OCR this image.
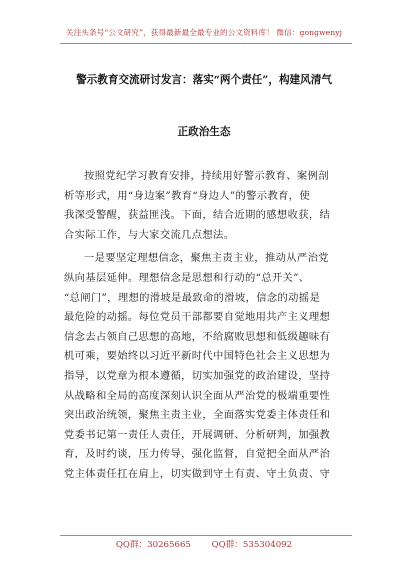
关注头条号“公文研究”，获得最新最全最专业的公文资料库！ 微信：gongwenyj
警示教育交流研讨发言：落实“两个责任”，构建风清气
正政治生态
按照党纪学习教育安排，持续用好警示教育、案例剖
析等形式，用“身边案”教育“身边人”的警示教育，使
我深受警醒，获益匪浅。下面，结合近期的感想收获，结
合实际工作，与大家交流几点想法。
一是要坚定理想信念，聚焦主责主业，推动从严治党
纵向基层延伸。理想信念是思想和行动的“总开关”、
“总闸门”，理想的滑坡是最致命的滑坡，信念的动摇是
最危险的动摇。每位党员干部都要自觉地用共产主义理想
信念去占领自己思想的高地，不给腐败思想和低级趣味有
机可乘，要始终以习近平新时代中国特色社会主义思想为
指导，以党章为根本遵循，切实加强党的政治建设，坚持
从战略和全局的高度深刻认识全面从严治党的极端重要性
突出政治统领，聚焦主责主业，全面落实党委主体责任和
党委书记第一责任人责任，开展调研、分析研判，加强教
育，及时约谈，压力传导，强化监督，自觉把全面从严治
党主体责任扛在肩上，切实做到守土有责、守土负责、守
QQ群：30265665 QQ群：535304092
